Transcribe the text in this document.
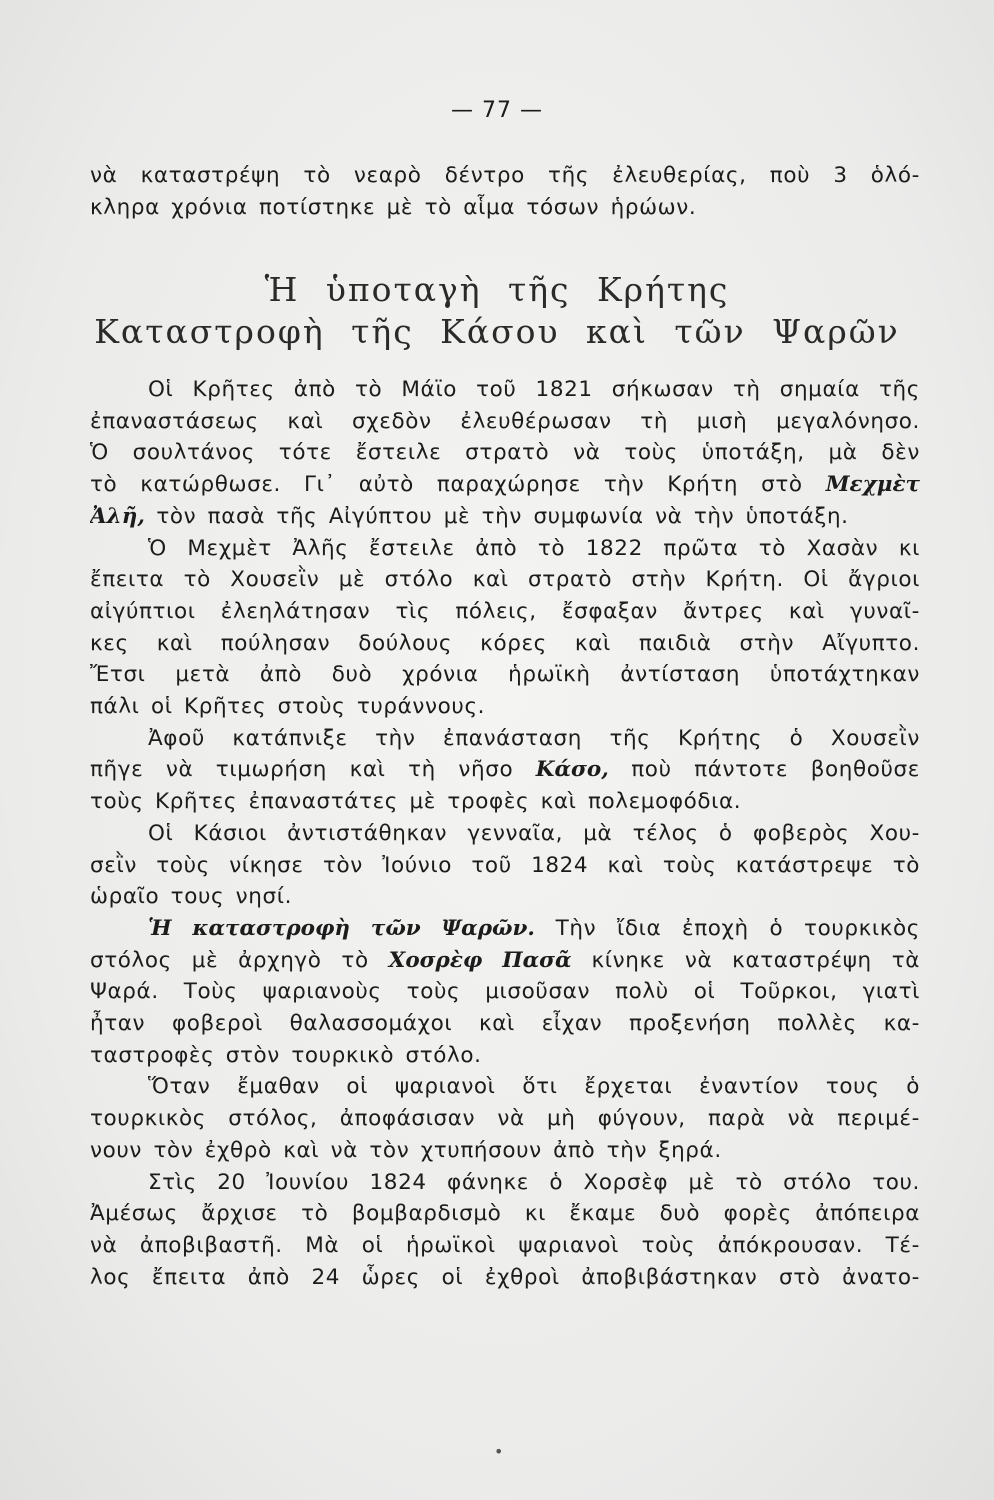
— 77 —
νὰ καταστρέψη τὸ νεαρὸ δέντρο τῆς ἐλευθερίας, ποὺ 3 ὁλό-
κληρα χρόνια ποτίστηκε μὲ τὸ αἷμα τόσων ἡρώων.
Ἡ ὑποταγὴ τῆς Κρήτης
Καταστροφὴ τῆς Κάσου καὶ τῶν Ψαρῶν
Οἱ Κρῆτες ἀπὸ τὸ Μάϊο τοῦ 1821 σήκωσαν τὴ σημαία τῆς
ἐπαναστάσεως καὶ σχεδὸν ἐλευθέρωσαν τὴ μισὴ μεγαλόνησο.
Ὁ σουλτάνος τότε ἔστειλε στρατὸ νὰ τοὺς ὑποτάξη, μὰ δὲν
τὸ κατώρθωσε. Γι᾿ αὐτὸ παραχώρησε τὴν Κρήτη στὸ Μεχμὲτ
Ἀλῆ, τὸν πασὰ τῆς Αἰγύπτου μὲ τὴν συμφωνία νὰ τὴν ὑποτάξη.
Ὁ Μεχμὲτ Ἀλῆς ἔστειλε ἀπὸ τὸ 1822 πρῶτα τὸ Χασὰν κι
ἔπειτα τὸ Χουσεῒν μὲ στόλο καὶ στρατὸ στὴν Κρήτη. Οἱ ἄγριοι
αἰγύπτιοι ἐλεηλάτησαν τὶς πόλεις, ἔσφαξαν ἄντρες καὶ γυναῖ-
κες καὶ πούλησαν δούλους κόρες καὶ παιδιὰ στὴν Αἴγυπτο.
Ἔτσι μετὰ ἀπὸ δυὸ χρόνια ἡρωϊκὴ ἀντίσταση ὑποτάχτηκαν
πάλι οἱ Κρῆτες στοὺς τυράννους.
Ἀφοῦ κατάπνιξε τὴν ἐπανάσταση τῆς Κρήτης ὁ Χουσεῒν
πῆγε νὰ τιμωρήση καὶ τὴ νῆσο Κάσο, ποὺ πάντοτε βοηθοῦσε
τοὺς Κρῆτες ἐπαναστάτες μὲ τροφὲς καὶ πολεμοφόδια.
Οἱ Κάσιοι ἀντιστάθηκαν γενναῖα, μὰ τέλος ὁ φοβερὸς Χου-
σεῒν τοὺς νίκησε τὸν Ἰούνιο τοῦ 1824 καὶ τοὺς κατάστρεψε τὸ
ὡραῖο τους νησί.
Ἡ καταστροφὴ τῶν Ψαρῶν. Τὴν ἴδια ἐποχὴ ὁ τουρκικὸς
στόλος μὲ ἀρχηγὸ τὸ Χοσρὲφ Πασᾶ κίνηκε νὰ καταστρέψη τὰ
Ψαρά. Τοὺς ψαριανοὺς τοὺς μισοῦσαν πολὺ οἱ Τοῦρκοι, γιατὶ
ἦταν φοβεροὶ θαλασσομάχοι καὶ εἶχαν προξενήση πολλὲς κα-
ταστροφὲς στὸν τουρκικὸ στόλο.
Ὅταν ἔμαθαν οἱ ψαριανοὶ ὅτι ἔρχεται ἐναντίον τους ὁ
τουρκικὸς στόλος, ἀποφάσισαν νὰ μὴ φύγουν, παρὰ νὰ περιμέ-
νουν τὸν ἐχθρὸ καὶ νὰ τὸν χτυπήσουν ἀπὸ τὴν ξηρά.
Στὶς 20 Ἰουνίου 1824 φάνηκε ὁ Χορσὲφ μὲ τὸ στόλο του.
Ἀμέσως ἄρχισε τὸ βομβαρδισμὸ κι ἔκαμε δυὸ φορὲς ἀπόπειρα
νὰ ἀποβιβαστῆ. Μὰ οἱ ἡρωϊκοὶ ψαριανοὶ τοὺς ἀπόκρουσαν. Τέ-
λος ἔπειτα ἀπὸ 24 ὧρες οἱ ἐχθροὶ ἀποβιβάστηκαν στὸ ἀνατο-
•
